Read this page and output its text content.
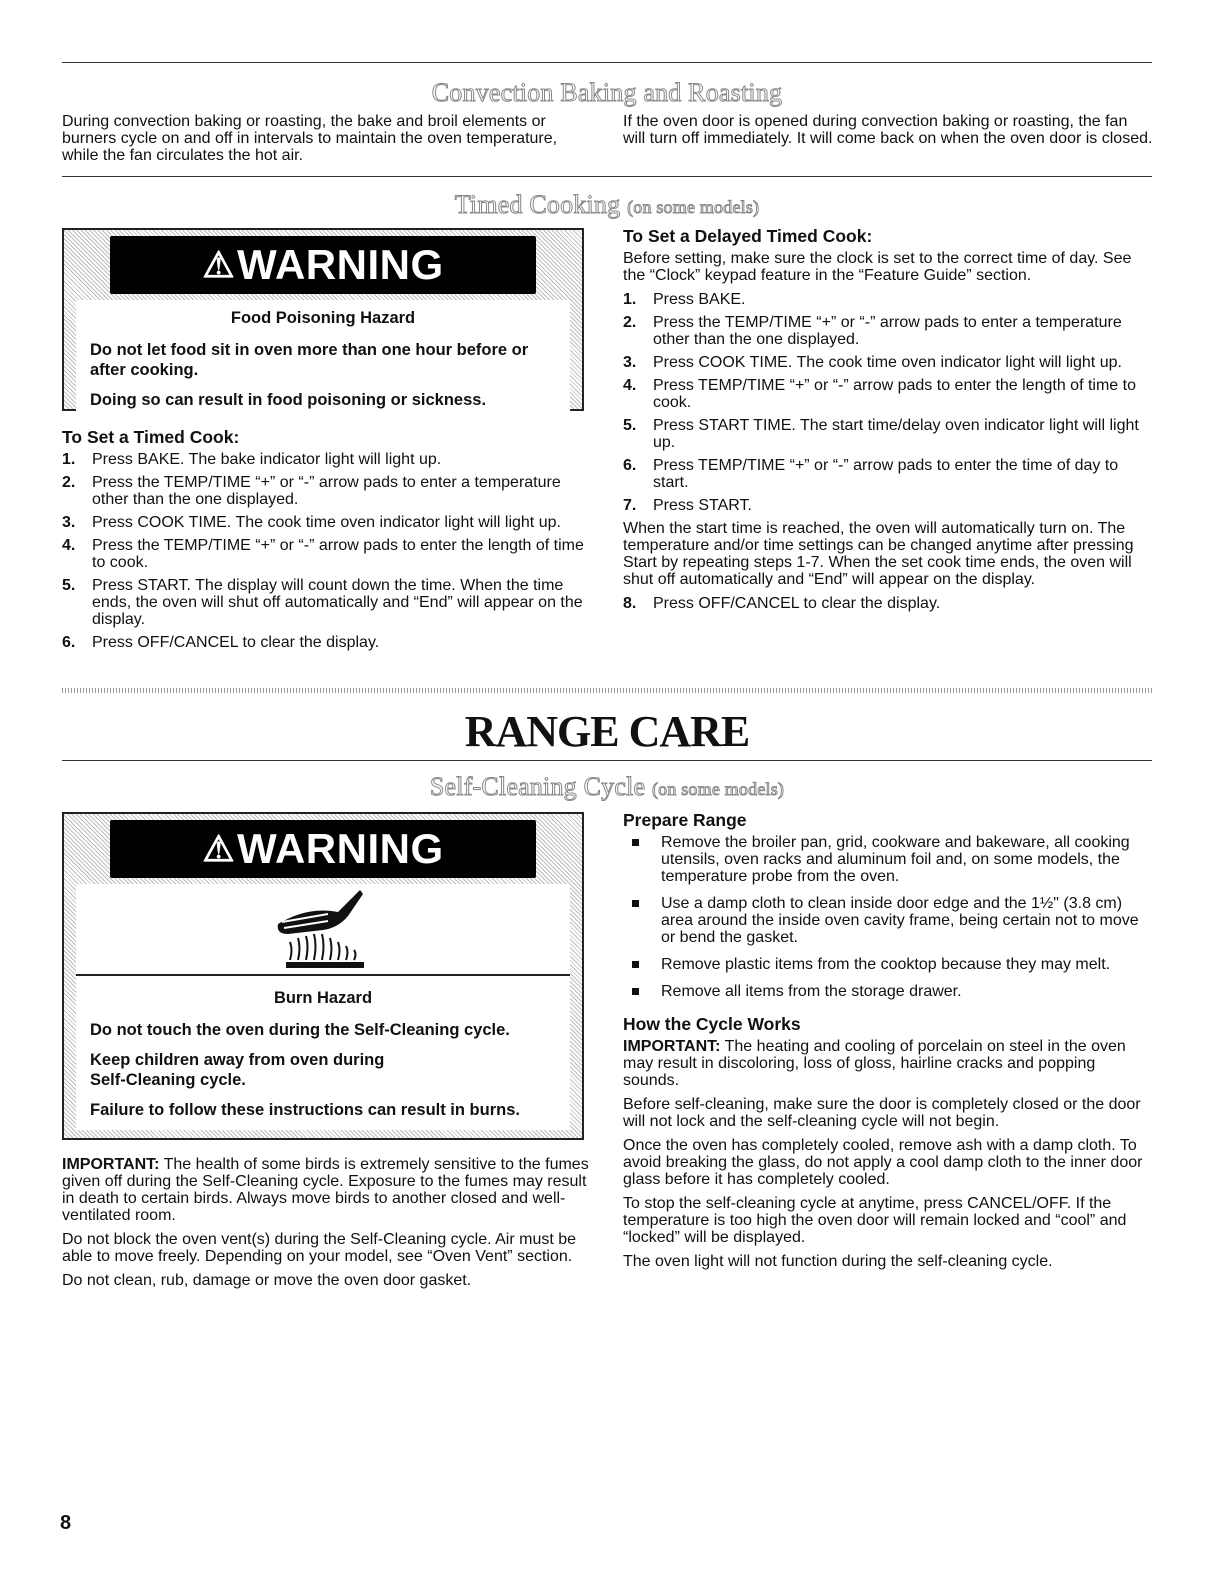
Convection Baking and Roasting

During convection baking or roasting, the bake and broil elements or burners cycle on and off in intervals to maintain the oven temperature, while the fan circulates the hot air.

If the oven door is opened during convection baking or roasting, the fan will turn off immediately. It will come back on when the oven door is closed.

Timed Cooking (on some models)
⚠ WARNING

Food Poisoning Hazard

Do not let food sit in oven more than one hour before or after cooking.

Doing so can result in food poisoning or sickness.

To Set a Timed Cook:
1. Press BAKE. The bake indicator light will light up.
2. Press the TEMP/TIME “+” or “-” arrow pads to enter a temperature other than the one displayed.
3. Press COOK TIME. The cook time oven indicator light will light up.
4. Press the TEMP/TIME “+” or “-” arrow pads to enter the length of time to cook.
5. Press START. The display will count down the time. When the time ends, the oven will shut off automatically and “End” will appear on the display.
6. Press OFF/CANCEL to clear the display.
To Set a Delayed Timed Cook:

Before setting, make sure the clock is set to the correct time of day. See the “Clock” keypad feature in the “Feature Guide” section.

1. Press BAKE.
2. Press the TEMP/TIME “+” or “-” arrow pads to enter a temperature other than the one displayed.
3. Press COOK TIME. The cook time oven indicator light will light up.
4. Press TEMP/TIME “+” or “-” arrow pads to enter the length of time to cook.
5. Press START TIME. The start time/delay oven indicator light will light up.
6. Press TEMP/TIME “+” or “-” arrow pads to enter the time of day to start.
7. Press START.

When the start time is reached, the oven will automatically turn on. The temperature and/or time settings can be changed anytime after pressing Start by repeating steps 1-7. When the set cook time ends, the oven will shut off automatically and “End” will appear on the display.

8. Press OFF/CANCEL to clear the display.
RANGE CARE
Self-Cleaning Cycle (on some models)
⚠ WARNING

Burn Hazard

Do not touch the oven during the Self-Cleaning cycle.

Keep children away from oven during Self-Cleaning cycle.

Failure to follow these instructions can result in burns.

IMPORTANT: The health of some birds is extremely sensitive to the fumes given off during the Self-Cleaning cycle. Exposure to the fumes may result in death to certain birds. Always move birds to another closed and well-ventilated room.

Do not block the oven vent(s) during the Self-Cleaning cycle. Air must be able to move freely. Depending on your model, see “Oven Vent” section.

Do not clean, rub, damage or move the oven door gasket.

Prepare Range
Remove the broiler pan, grid, cookware and bakeware, all cooking utensils, oven racks and aluminum foil and, on some models, the temperature probe from the oven.
Use a damp cloth to clean inside door edge and the 1½" (3.8 cm) area around the inside oven cavity frame, being certain not to move or bend the gasket.
Remove plastic items from the cooktop because they may melt.
Remove all items from the storage drawer.
How the Cycle Works

IMPORTANT: The heating and cooling of porcelain on steel in the oven may result in discoloring, loss of gloss, hairline cracks and popping sounds.

Before self-cleaning, make sure the door is completely closed or the door will not lock and the self-cleaning cycle will not begin.

Once the oven has completely cooled, remove ash with a damp cloth. To avoid breaking the glass, do not apply a cool damp cloth to the inner door glass before it has completely cooled.

To stop the self-cleaning cycle at anytime, press CANCEL/OFF. If the temperature is too high the oven door will remain locked and “cool” and “locked” will be displayed.

The oven light will not function during the self-cleaning cycle.

8
